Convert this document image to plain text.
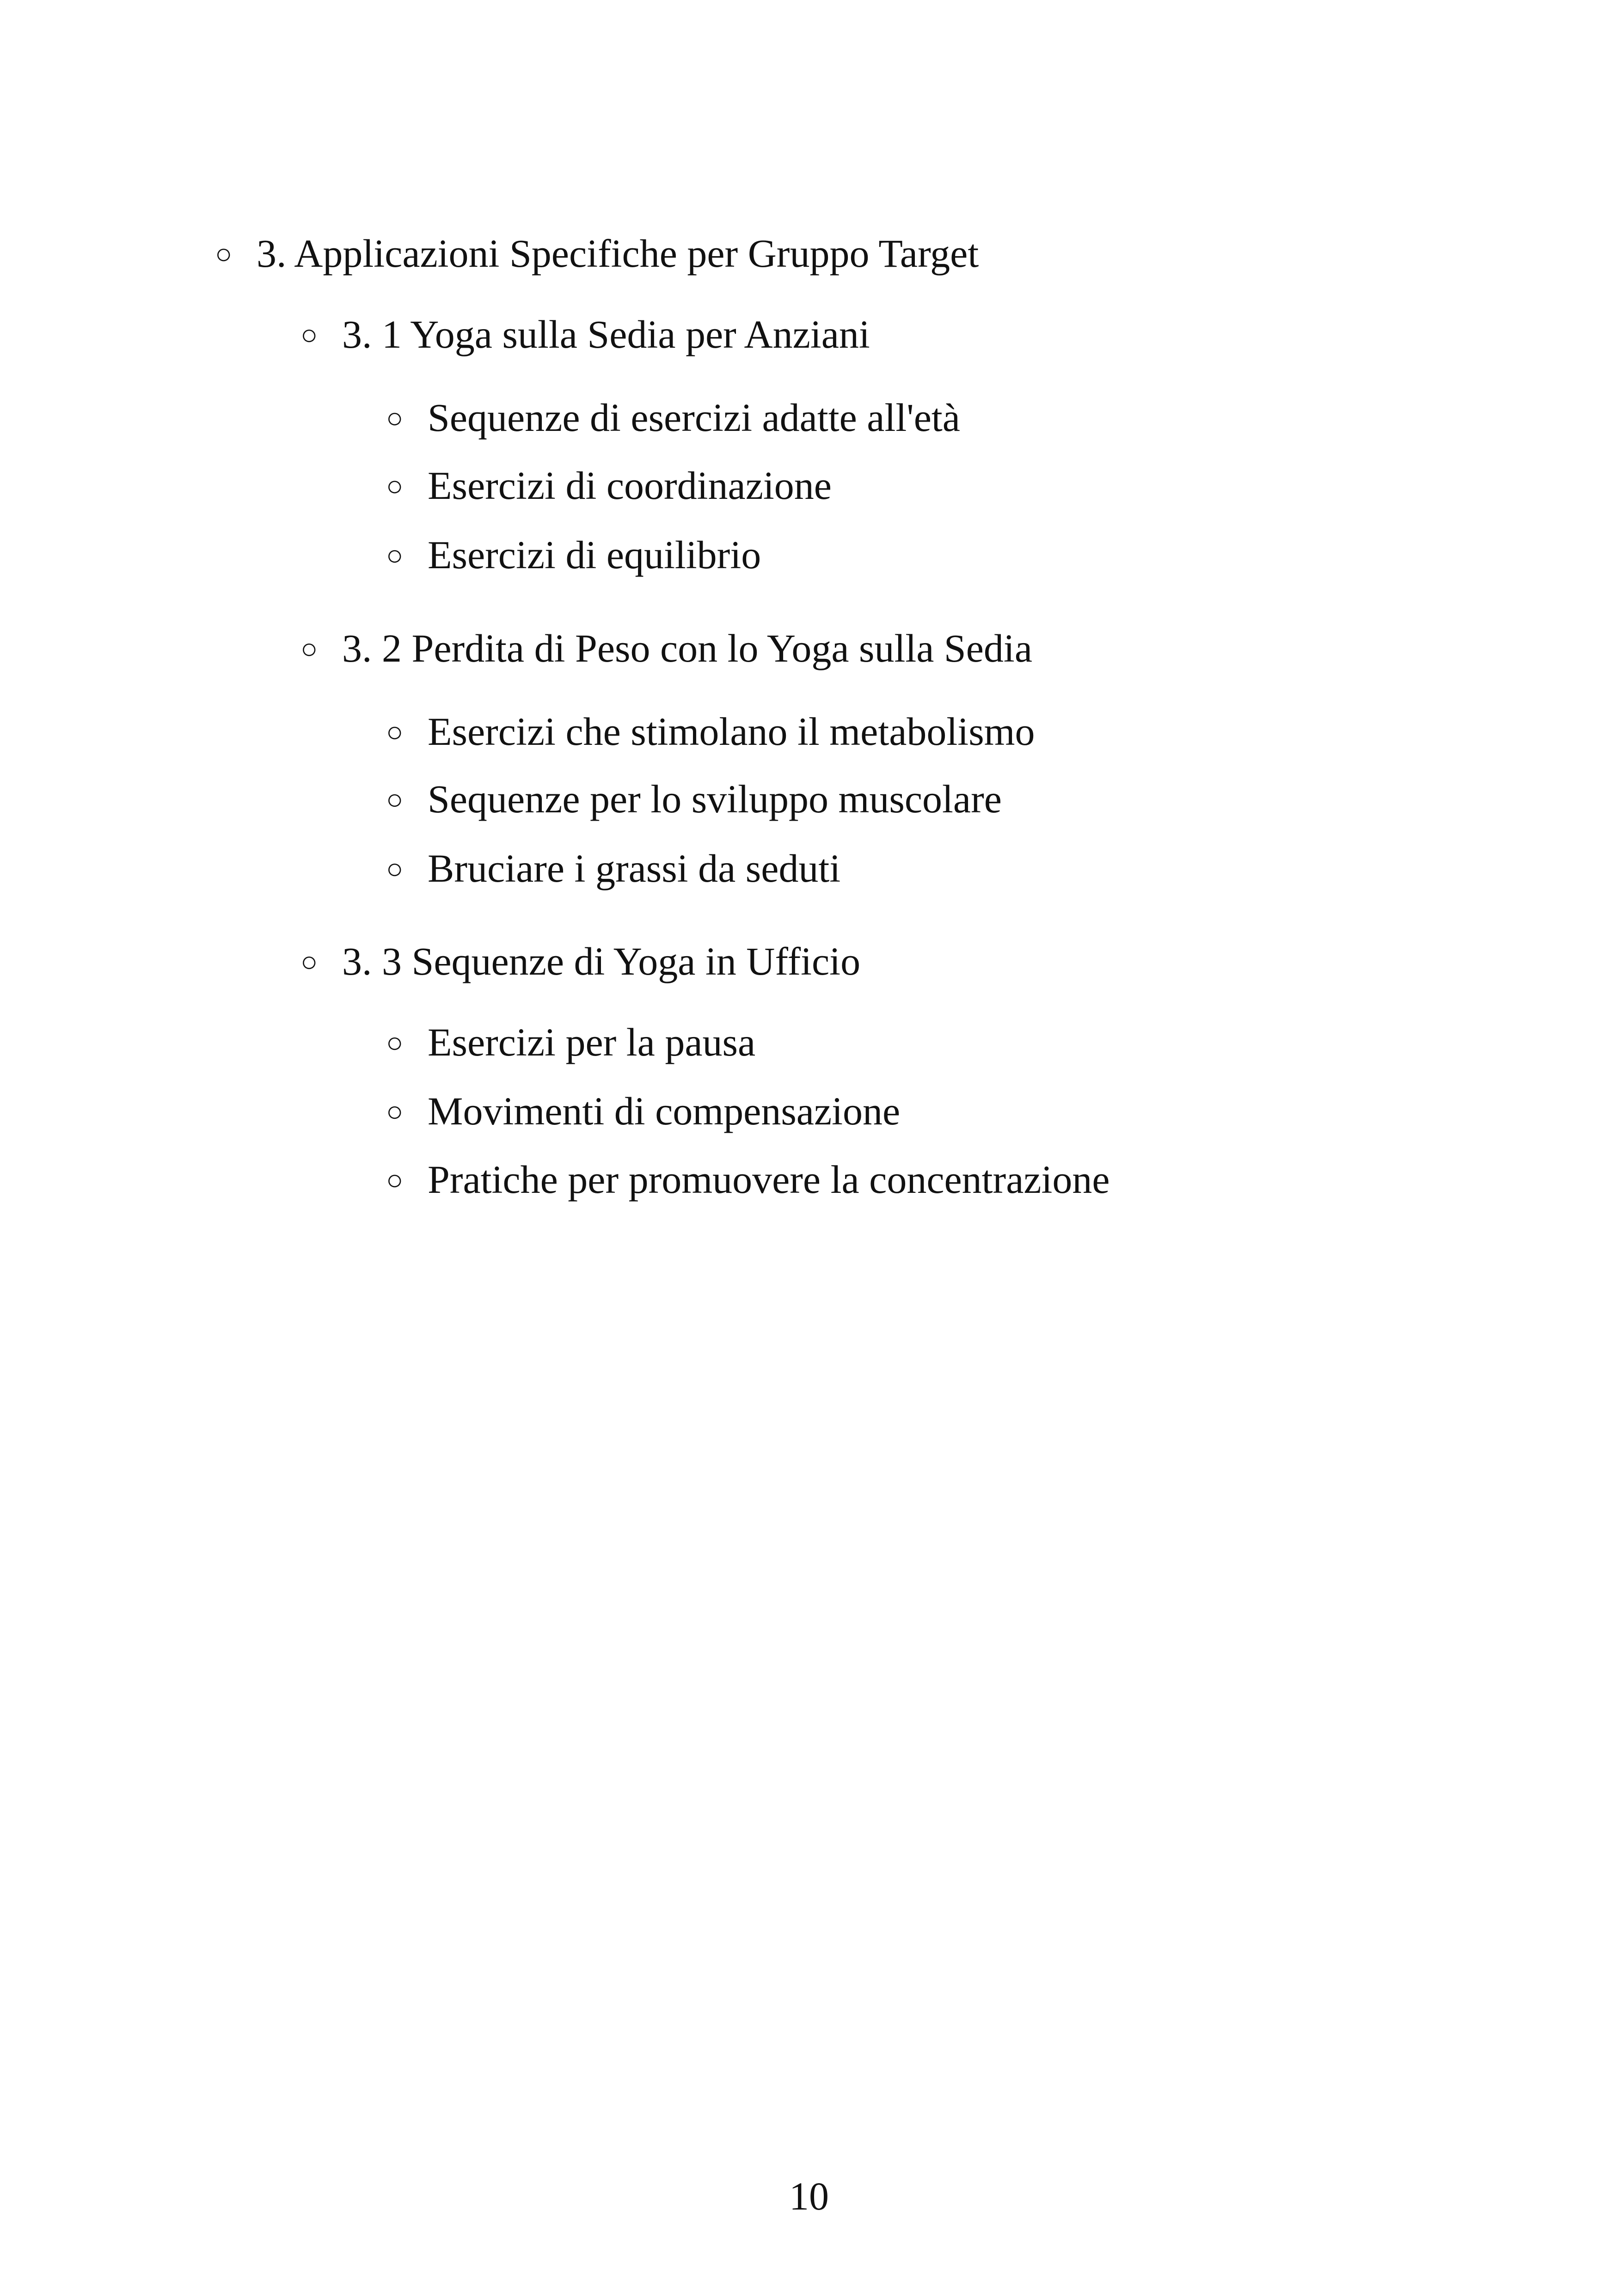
○ 3. Applicazioni Specifiche per Gruppo Target
○ 3. 1 Yoga sulla Sedia per Anziani
○ Sequenze di esercizi adatte all'età
○ Esercizi di coordinazione
○ Esercizi di equilibrio
○ 3. 2 Perdita di Peso con lo Yoga sulla Sedia
○ Esercizi che stimolano il metabolismo
○ Sequenze per lo sviluppo muscolare
○ Bruciare i grassi da seduti
○ 3. 3 Sequenze di Yoga in Ufficio
○ Esercizi per la pausa
○ Movimenti di compensazione
○ Pratiche per promuovere la concentrazione
10
